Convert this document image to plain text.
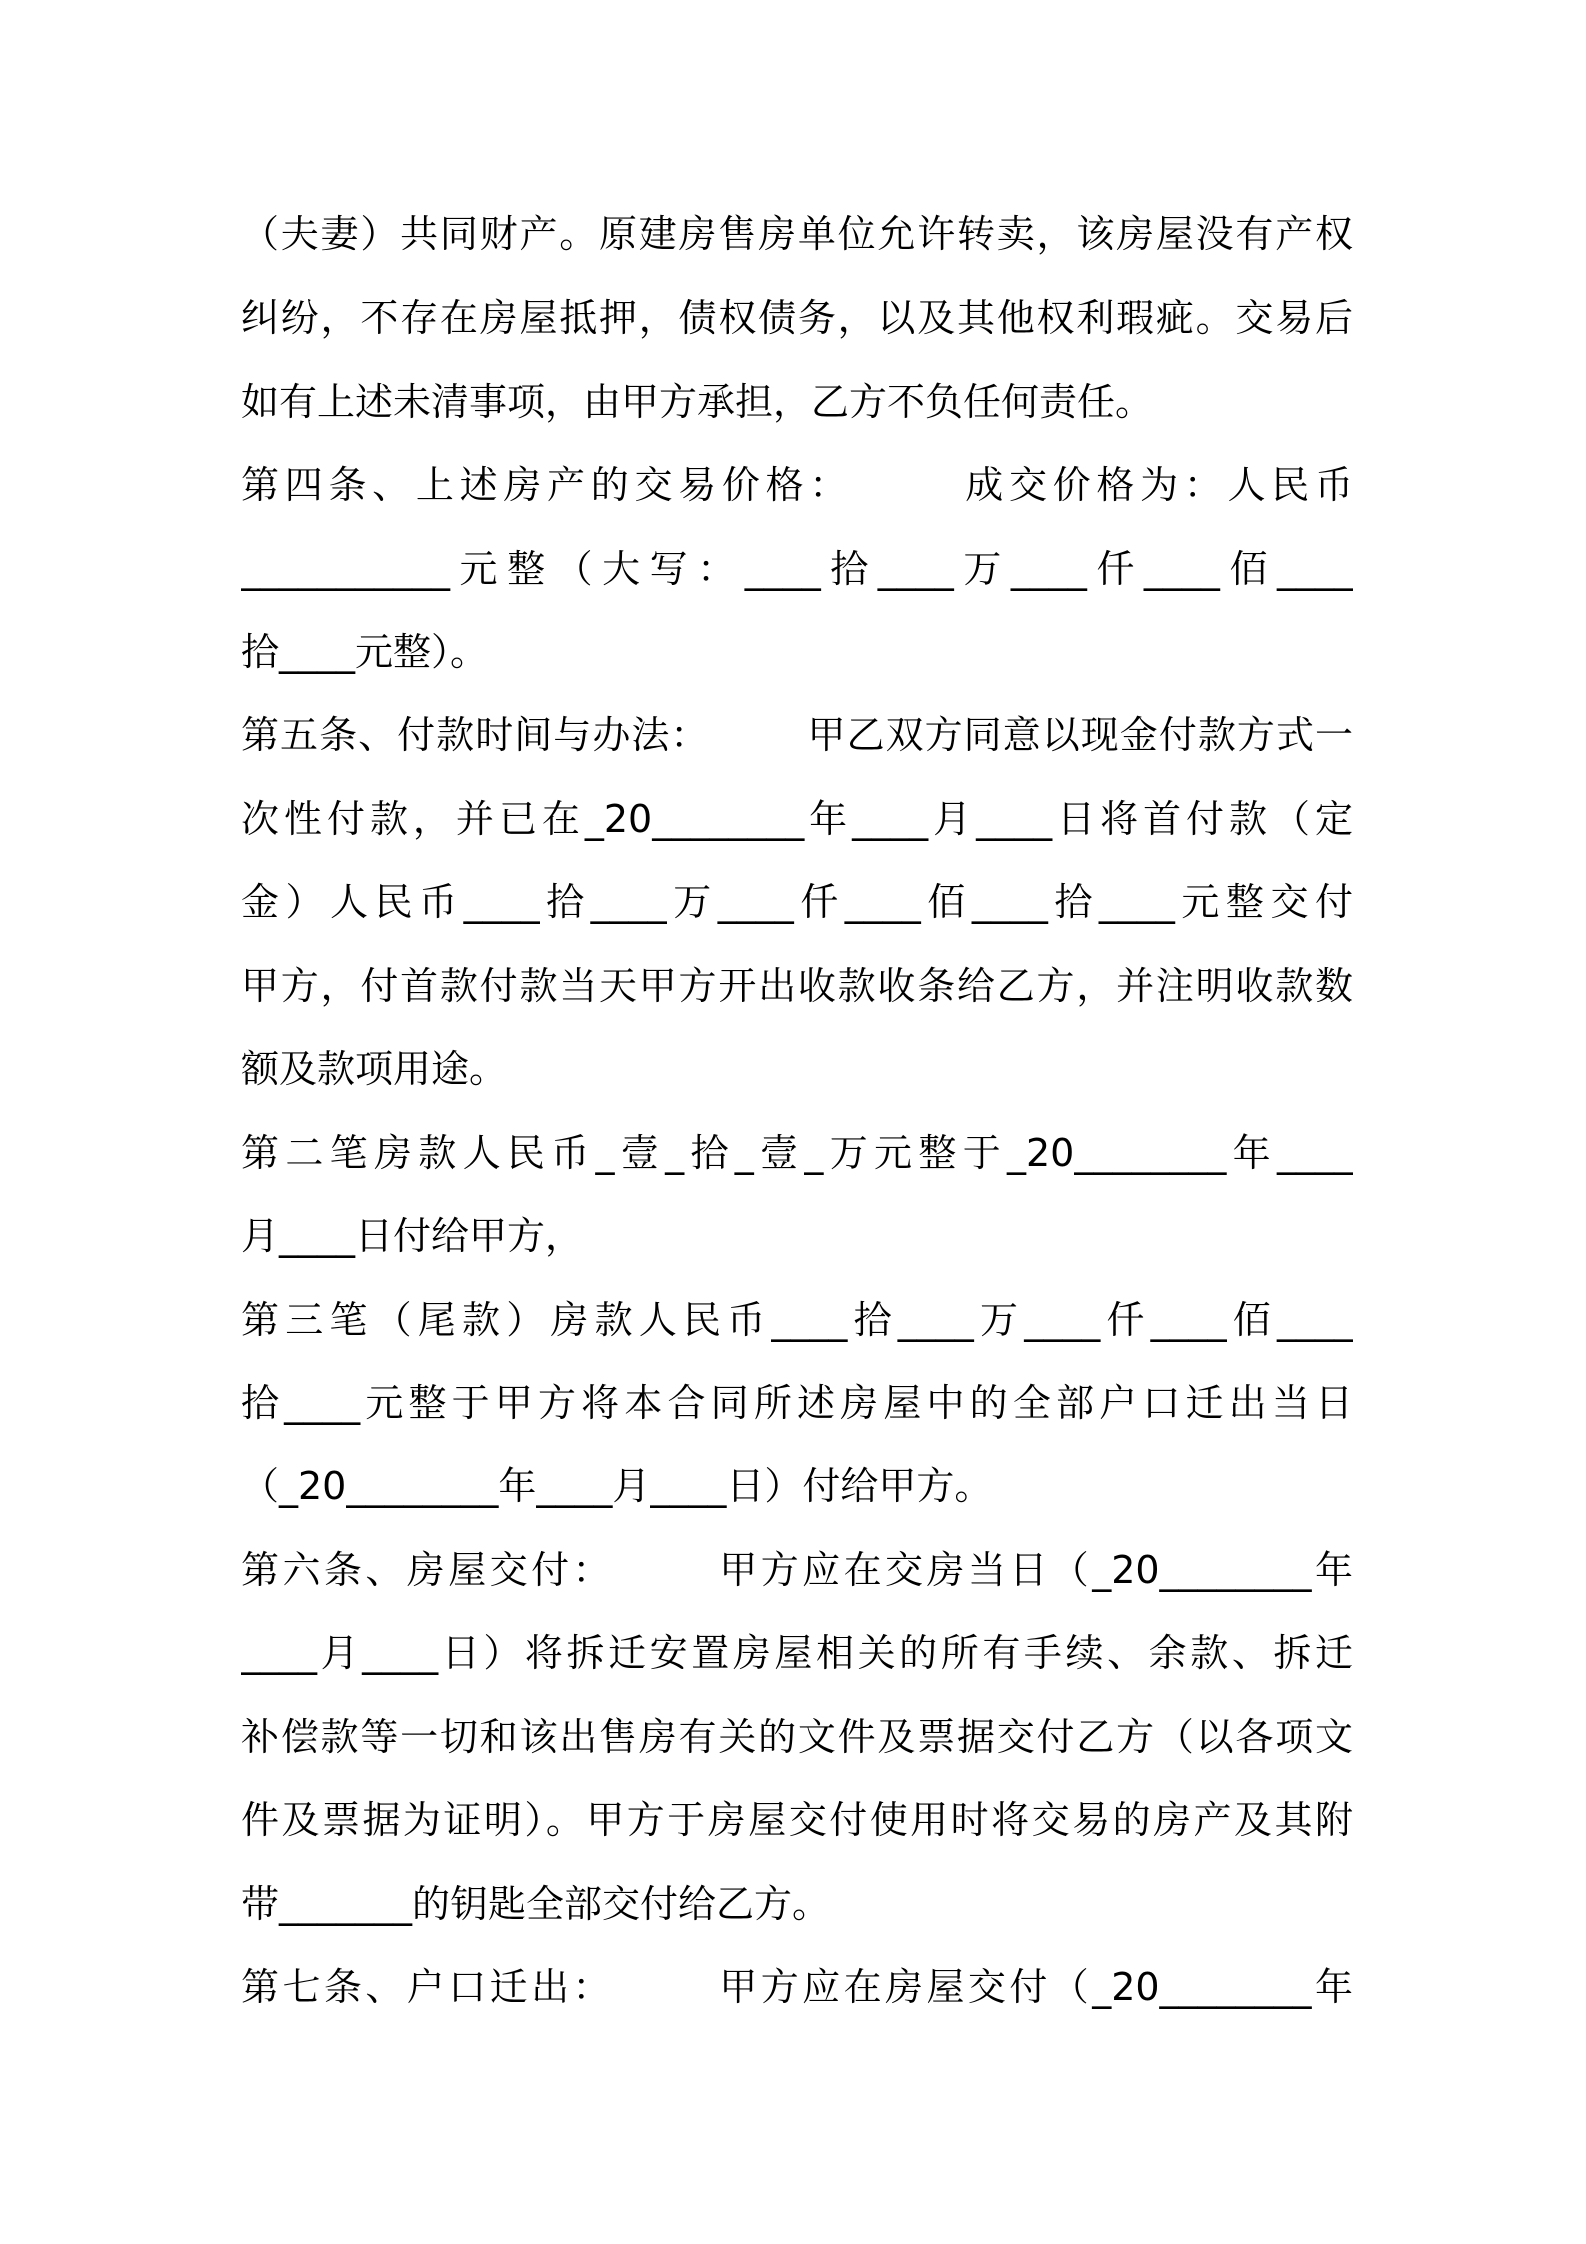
（夫妻）共同财产。原建房售房单位允许转卖，该房屋没有产权
纠纷，不存在房屋抵押，债权债务，以及其他权利瑕疵。交易后
如有上述未清事项，由甲方承担，乙方不负任何责任。
第四条、上述房产的交易价格：　　　成交价格为：人民币
___________元整（大写：____拾____万____仟____佰____
拾____元整）。
第五条、付款时间与办法：　　　甲乙双方同意以现金付款方式一
次性付款，并已在_20________年____月____日将首付款（定
金）人民币____拾____万____仟____佰____拾____元整交付
甲方，付首款付款当天甲方开出收款收条给乙方，并注明收款数
额及款项用途。
第二笔房款人民币_壹_拾_壹_万元整于_20________年____
月____日付给甲方，
第三笔（尾款）房款人民币____拾____万____仟____佰____
拾____元整于甲方将本合同所述房屋中的全部户口迁出当日
（_20________年____月____日）付给甲方。
第六条、房屋交付：　　　甲方应在交房当日（_20________年
____月____日）将拆迁安置房屋相关的所有手续、余款、拆迁
补偿款等一切和该出售房有关的文件及票据交付乙方（以各项文
件及票据为证明）。甲方于房屋交付使用时将交易的房产及其附
带_______的钥匙全部交付给乙方。
第七条、户口迁出：　　　甲方应在房屋交付（_20________年
